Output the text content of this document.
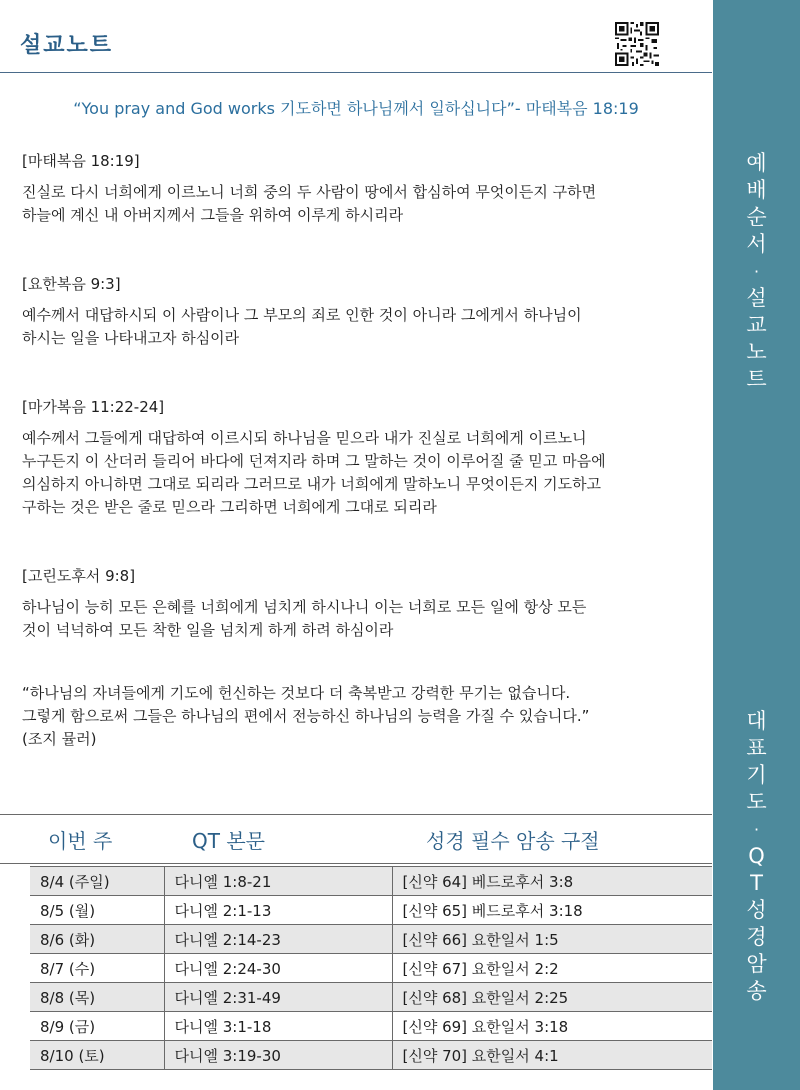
설교노트
예
배
순
서
·
설
교
노
트
대
표
기
도
·
Q
T
성
경
암
송
“You pray and God works 기도하면 하나님께서 일하십니다”- 마태복음 18:19
[마태복음 18:19]
진실로 다시 너희에게 이르노니 너희 중의 두 사람이 땅에서 합심하여 무엇이든지 구하면
하늘에 계신 내 아버지께서 그들을 위하여 이루게 하시리라
[요한복음 9:3]
예수께서 대답하시되 이 사람이나 그 부모의 죄로 인한 것이 아니라 그에게서 하나님이
하시는 일을 나타내고자 하심이라
[마가복음 11:22-24]
예수께서 그들에게 대답하여 이르시되 하나님을 믿으라 내가 진실로 너희에게 이르노니
누구든지 이 산더러 들리어 바다에 던져지라 하며 그 말하는 것이 이루어질 줄 믿고 마음에
의심하지 아니하면 그대로 되리라 그러므로 내가 너희에게 말하노니 무엇이든지 기도하고
구하는 것은 받은 줄로 믿으라 그리하면 너희에게 그대로 되리라
[고린도후서 9:8]
하나님이 능히 모든 은혜를 너희에게 넘치게 하시나니 이는 너희로 모든 일에 항상 모든
것이 넉넉하여 모든 착한 일을 넘치게 하게 하려 하심이라
“하나님의 자녀들에게 기도에 헌신하는 것보다 더 축복받고 강력한 무기는 없습니다.
그렇게 함으로써 그들은 하나님의 편에서 전능하신 하나님의 능력을 가질 수 있습니다.”
(조지 뮬러)
이번 주	QT 본문	성경 필수 암송 구절
8/4 (주일)	다니엘 1:8-21	[신약 64] 베드로후서 3:8
8/5 (월)	다니엘 2:1-13	[신약 65] 베드로후서 3:18
8/6 (화)	다니엘 2:14-23	[신약 66] 요한일서 1:5
8/7 (수)	다니엘 2:24-30	[신약 67] 요한일서 2:2
8/8 (목)	다니엘 2:31-49	[신약 68] 요한일서 2:25
8/9 (금)	다니엘 3:1-18	[신약 69] 요한일서 3:18
8/10 (토)	다니엘 3:19-30	[신약 70] 요한일서 4:1
